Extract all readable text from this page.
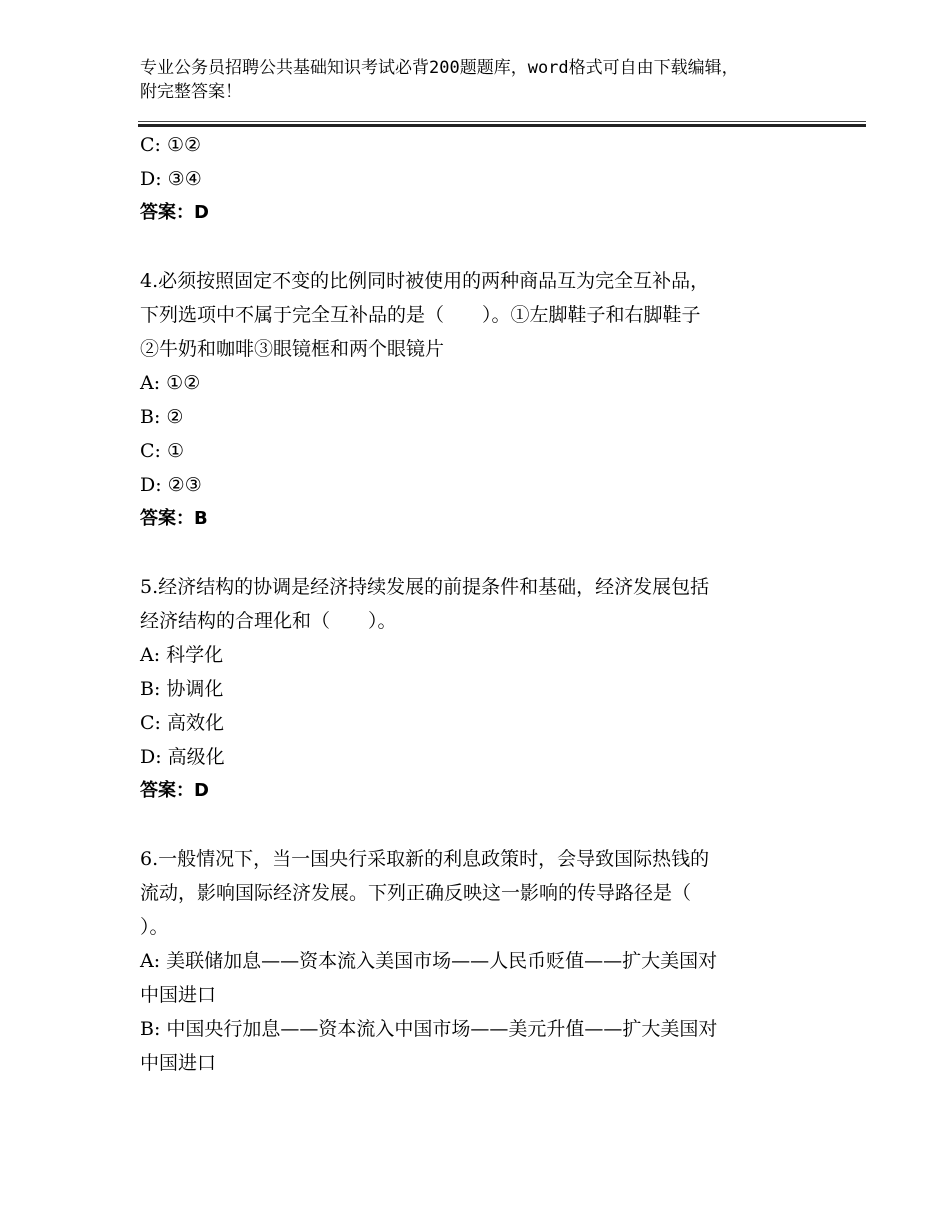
专业公务员招聘公共基础知识考试必背200题题库，word格式可自由下载编辑，
附完整答案！
C: ①②
D: ③④
答案：D
4.必须按照固定不变的比例同时被使用的两种商品互为完全互补品，
下列选项中不属于完全互补品的是（　　）。①左脚鞋子和右脚鞋子
②牛奶和咖啡③眼镜框和两个眼镜片
A: ①②
B: ②
C: ①
D: ②③
答案：B
5.经济结构的协调是经济持续发展的前提条件和基础，经济发展包括
经济结构的合理化和（　　）。
A: 科学化
B: 协调化
C: 高效化
D: 高级化
答案：D
6.一般情况下，当一国央行采取新的利息政策时，会导致国际热钱的
流动，影响国际经济发展。下列正确反映这一影响的传导路径是（
）。
A: 美联储加息——资本流入美国市场——人民币贬值——扩大美国对
中国进口
B: 中国央行加息——资本流入中国市场——美元升值——扩大美国对
中国进口
